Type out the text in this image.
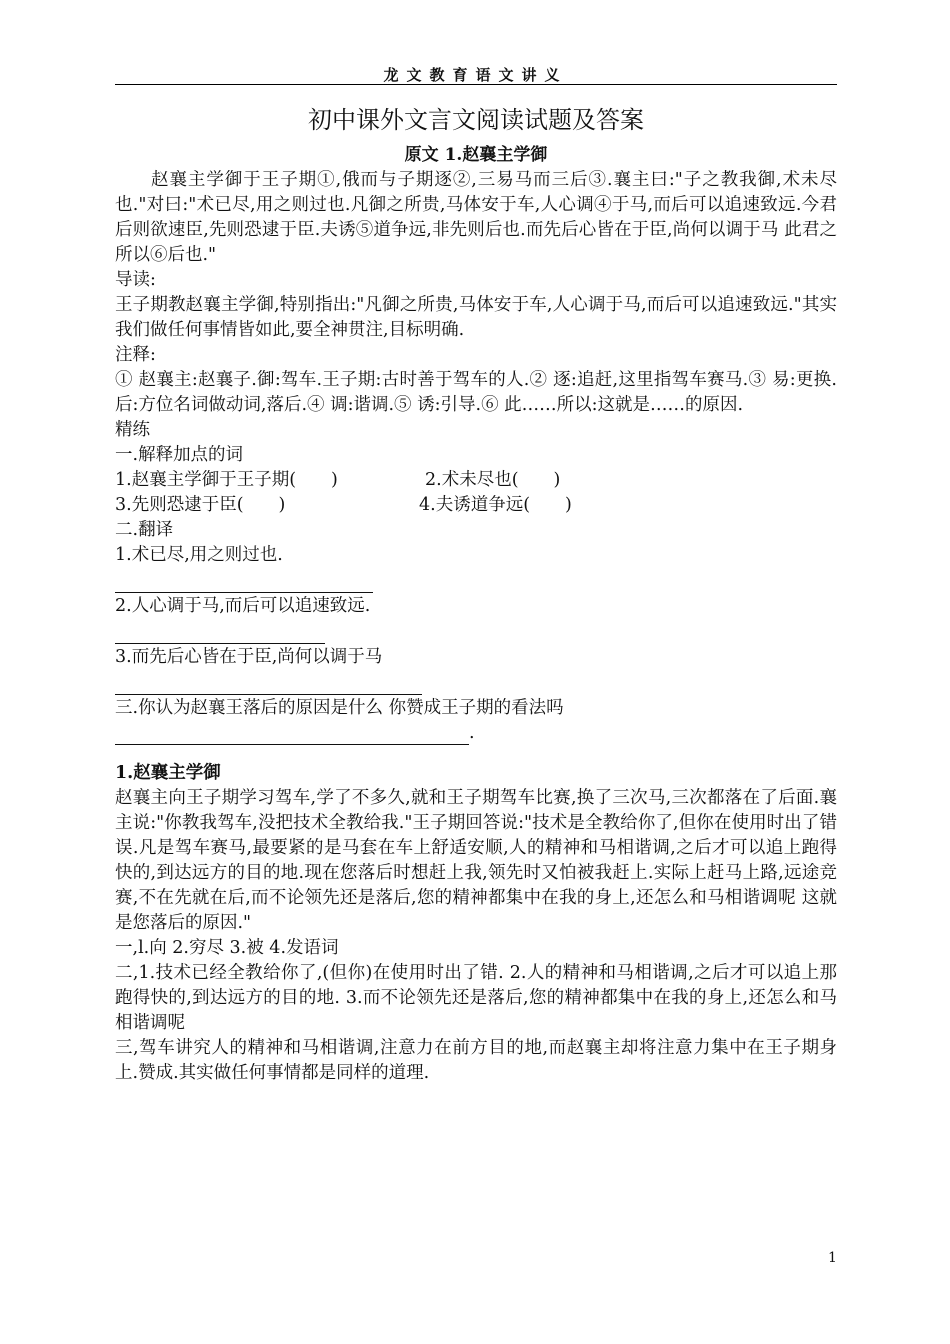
龙文教育语文讲义
初中课外文言文阅读试题及答案
原文 1.赵襄主学御

赵襄主学御于王子期①,俄而与子期逐②,三易马而三后③.襄主曰:"子之教我御,术未尽也."对曰:"术已尽,用之则过也.凡御之所贵,马体安于车,人心调④于马,而后可以追速致远.今君后则欲速臣,先则恐逮于臣.夫诱⑤道争远,非先则后也.而先后心皆在于臣,尚何以调于马 此君之所以⑥后也."

导读:

王子期教赵襄主学御,特别指出:"凡御之所贵,马体安于车,人心调于马,而后可以追速致远."其实我们做任何事情皆如此,要全神贯注,目标明确.

注释:

① 赵襄主:赵襄子.御:驾车.王子期:古时善于驾车的人.② 逐:追赶,这里指驾车赛马.③ 易:更换.后:方位名词做动词,落后.④ 调:谐调.⑤ 诱:引导.⑥ 此……所以:这就是……的原因.

精练

一.解释加点的词

1.赵襄主学御于王子期(　　)	2.术未尽也(　　)
3.先则恐逮于臣(　　)	4.夫诱道争远(　　)

二.翻译

1.术已尽,用之则过也.

2.人心调于马,而后可以追速致远.

3.而先后心皆在于臣,尚何以调于马

三.你认为赵襄王落后的原因是什么 你赞成王子期的看法吗

.

1.赵襄主学御

赵襄主向王子期学习驾车,学了不多久,就和王子期驾车比赛,换了三次马,三次都落在了后面.襄主说:"你教我驾车,没把技术全教给我."王子期回答说:"技术是全教给你了,但你在使用时出了错误.凡是驾车赛马,最要紧的是马套在车上舒适安顺,人的精神和马相谐调,之后才可以追上跑得快的,到达远方的目的地.现在您落后时想赶上我,领先时又怕被我赶上.实际上赶马上路,远途竞赛,不在先就在后,而不论领先还是落后,您的精神都集中在我的身上,还怎么和马相谐调呢 这就是您落后的原因."

一,l.向 2.穷尽 3.被 4.发语词

二,1.技术已经全教给你了,(但你)在使用时出了错. 2.人的精神和马相谐调,之后才可以追上那跑得快的,到达远方的目的地. 3.而不论领先还是落后,您的精神都集中在我的身上,还怎么和马相谐调呢

三,驾车讲究人的精神和马相谐调,注意力在前方目的地,而赵襄主却将注意力集中在王子期身上.赞成.其实做任何事情都是同样的道理.

1
